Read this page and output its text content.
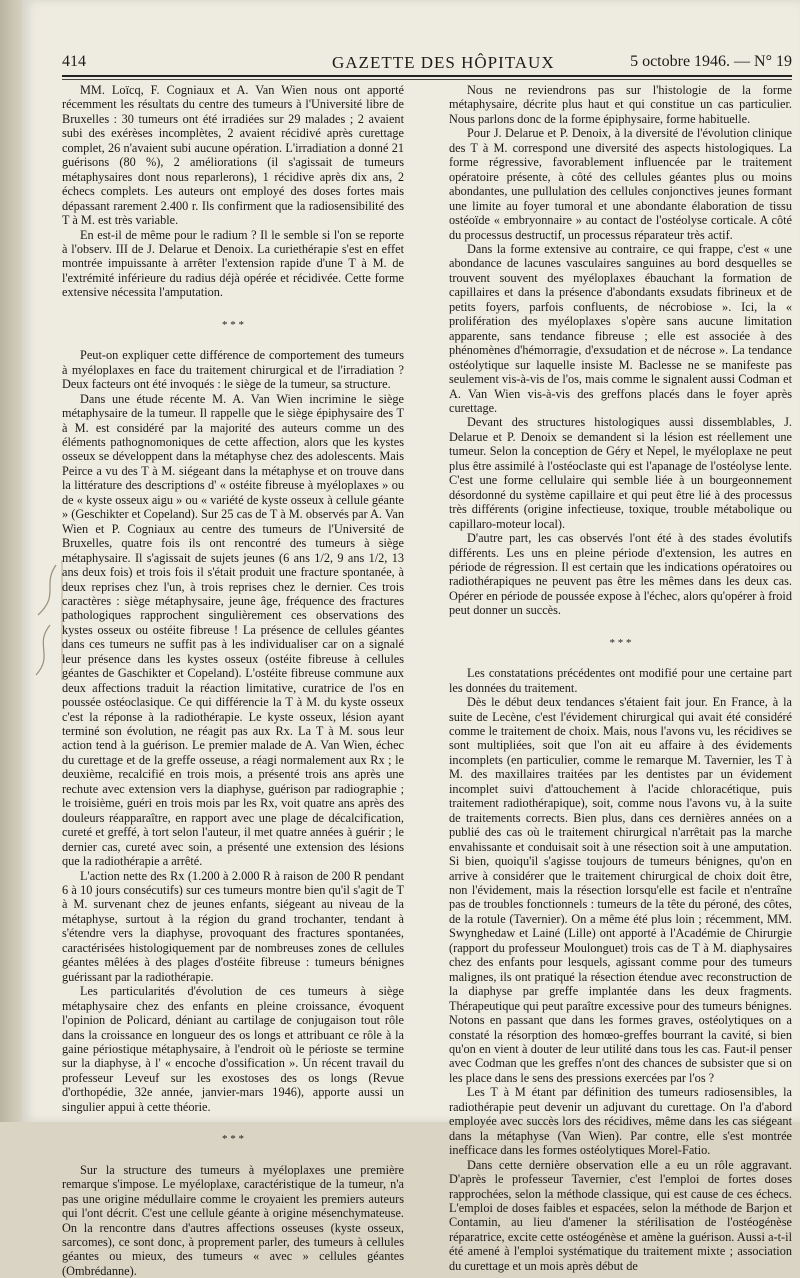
414	GAZETTE DES HÔPITAUX	5 octobre 1946. — N° 19

MM. Loïcq, F. Cogniaux et A. Van Wien nous ont apporté récemment les résultats du centre des tumeurs à l'Université libre de Bruxelles : 30 tumeurs ont été irradiées sur 29 malades ; 2 avaient subi des exérèses incomplètes, 2 avaient récidivé après curettage complet, 26 n'avaient subi aucune opération. L'irradiation a donné 21 guérisons (80 %), 2 améliorations (il s'agissait de tumeurs métaphysaires dont nous reparlerons), 1 récidive après dix ans, 2 échecs complets. Les auteurs ont employé des doses fortes mais dépassant rarement 2.400 r. Ils confirment que la radiosensibilité des T à M. est très variable.

En est-il de même pour le radium ? Il le semble si l'on se reporte à l'observ. III de J. Delarue et Denoix. La curiethérapie s'est en effet montrée impuissante à arrêter l'extension rapide d'une T à M. de l'extrémité inférieure du radius déjà opérée et récidivée. Cette forme extensive nécessita l'amputation.

* * *

Peut-on expliquer cette différence de comportement des tumeurs à myéloplaxes en face du traitement chirurgical et de l'irradiation ? Deux facteurs ont été invoqués : le siège de la tumeur, sa structure.

Dans une étude récente M. A. Van Wien incrimine le siège métaphysaire de la tumeur. Il rappelle que le siège épiphysaire des T à M. est considéré par la majorité des auteurs comme un des éléments pathognomoniques de cette affection, alors que les kystes osseux se développent dans la métaphyse chez des adolescents. Mais Peirce a vu des T à M. siégeant dans la métaphyse et on trouve dans la littérature des descriptions d' « ostéite fibreuse à myéloplaxes » ou de « kyste osseux aigu » ou « variété de kyste osseux à cellule géante » (Geschikter et Copeland). Sur 25 cas de T à M. observés par A. Van Wien et P. Cogniaux au centre des tumeurs de l'Université de Bruxelles, quatre fois ils ont rencontré des tumeurs à siège métaphysaire. Il s'agissait de sujets jeunes (6 ans 1/2, 9 ans 1/2, 13 ans deux fois) et trois fois il s'était produit une fracture spontanée, à deux reprises chez l'un, à trois reprises chez le dernier. Ces trois caractères : siège métaphysaire, jeune âge, fréquence des fractures pathologiques rapprochent singulièrement ces observations des kystes osseux ou ostéite fibreuse ! La présence de cellules géantes dans ces tumeurs ne suffit pas à les individualiser car on a signalé leur présence dans les kystes osseux (ostéite fibreuse à cellules géantes de Gaschikter et Copeland). L'ostéite fibreuse commune aux deux affections traduit la réaction limitative, curatrice de l'os en poussée ostéoclasique. Ce qui différencie la T à M. du kyste osseux c'est la réponse à la radiothérapie. Le kyste osseux, lésion ayant terminé son évolution, ne réagit pas aux Rx. La T à M. sous leur action tend à la guérison. Le premier malade de A. Van Wien, échec du curettage et de la greffe osseuse, a réagi normalement aux Rx ; le deuxième, recalcifié en trois mois, a présenté trois ans après une rechute avec extension vers la diaphyse, guérison par radiographie ; le troisième, guéri en trois mois par les Rx, voit quatre ans après des douleurs réapparaître, en rapport avec une plage de décalcification, cureté et greffé, à tort selon l'auteur, il met quatre années à guérir ; le dernier cas, cureté avec soin, a présenté une extension des lésions que la radiothérapie a arrêté.

L'action nette des Rx (1.200 à 2.000 R à raison de 200 R pendant 6 à 10 jours consécutifs) sur ces tumeurs montre bien qu'il s'agit de T à M. survenant chez de jeunes enfants, siégeant au niveau de la métaphyse, surtout à la région du grand trochanter, tendant à s'étendre vers la diaphyse, provoquant des fractures spontanées, caractérisées histologiquement par de nombreuses zones de cellules géantes mêlées à des plages d'ostéite fibreuse : tumeurs bénignes guérissant par la radiothérapie.

Les particularités d'évolution de ces tumeurs à siège métaphysaire chez des enfants en pleine croissance, évoquent l'opinion de Policard, déniant au cartilage de conjugaison tout rôle dans la croissance en longueur des os longs et attribuant ce rôle à la gaine périostique métaphysaire, à l'endroit où le périoste se termine sur la diaphyse, à l' « encoche d'ossification ». Un récent travail du professeur Leveuf sur les exostoses des os longs (Revue d'orthopédie, 32e année, janvier-mars 1946), apporte aussi un singulier appui à cette théorie.

* * *

Sur la structure des tumeurs à myéloplaxes une première remarque s'impose. Le myéloplaxe, caractéristique de la tumeur, n'a pas une origine médullaire comme le croyaient les premiers auteurs qui l'ont décrit. C'est une cellule géante à origine mésenchymateuse. On la rencontre dans d'autres affections osseuses (kyste osseux, sarcomes), ce sont donc, à proprement parler, des tumeurs à cellules géantes ou mieux, des tumeurs « avec » cellules géantes (Ombrédanne).

Nous ne reviendrons pas sur l'histologie de la forme métaphysaire, décrite plus haut et qui constitue un cas particulier. Nous parlons donc de la forme épiphysaire, forme habituelle.

Pour J. Delarue et P. Denoix, à la diversité de l'évolution clinique des T à M. correspond une diversité des aspects histologiques. La forme régressive, favorablement influencée par le traitement opératoire présente, à côté des cellules géantes plus ou moins abondantes, une pullulation des cellules conjonctives jeunes formant une limite au foyer tumoral et une abondante élaboration de tissu ostéoïde « embryonnaire » au contact de l'ostéolyse corticale. A côté du processus destructif, un processus réparateur très actif.

Dans la forme extensive au contraire, ce qui frappe, c'est « une abondance de lacunes vasculaires sanguines au bord desquelles se trouvent souvent des myéloplaxes ébauchant la formation de capillaires et dans la présence d'abondants exsudats fibrineux et de petits foyers, parfois confluents, de nécrobiose ». Ici, la « prolifération des myéloplaxes s'opère sans aucune limitation apparente, sans tendance fibreuse ; elle est associée à des phénomènes d'hémorragie, d'exsudation et de nécrose ». La tendance ostéolytique sur laquelle insiste M. Baclesse ne se manifeste pas seulement vis-à-vis de l'os, mais comme le signalent aussi Codman et A. Van Wien vis-à-vis des greffons placés dans le foyer après curettage.

Devant des structures histologiques aussi dissemblables, J. Delarue et P. Denoix se demandent si la lésion est réellement une tumeur. Selon la conception de Géry et Nepel, le myéloplaxe ne peut plus être assimilé à l'ostéoclaste qui est l'apanage de l'ostéolyse lente. C'est une forme cellulaire qui semble liée à un bourgeonnement désordonné du système capillaire et qui peut être lié à des processus très différents (origine infectieuse, toxique, trouble métabolique ou capillaro-moteur local).

D'autre part, les cas observés l'ont été à des stades évolutifs différents. Les uns en pleine période d'extension, les autres en période de régression. Il est certain que les indications opératoires ou radiothérapiques ne peuvent pas être les mêmes dans les deux cas. Opérer en période de poussée expose à l'échec, alors qu'opérer à froid peut donner un succès.

* * *

Les constatations précédentes ont modifié pour une certaine part les données du traitement.

Dès le début deux tendances s'étaient fait jour. En France, à la suite de Lecène, c'est l'évidement chirurgical qui avait été considéré comme le traitement de choix. Mais, nous l'avons vu, les récidives se sont multipliées, soit que l'on ait eu affaire à des évidements incomplets (en particulier, comme le remarque M. Tavernier, les T à M. des maxillaires traitées par les dentistes par un évidement incomplet suivi d'attouchement à l'acide chloracétique, puis traitement radiothérapique), soit, comme nous l'avons vu, à la suite de traitements corrects. Bien plus, dans ces dernières années on a publié des cas où le traitement chirurgical n'arrêtait pas la marche envahissante et conduisait soit à une résection soit à une amputation. Si bien, quoiqu'il s'agisse toujours de tumeurs bénignes, qu'on en arrive à considérer que le traitement chirurgical de choix doit être, non l'évidement, mais la résection lorsqu'elle est facile et n'entraîne pas de troubles fonctionnels : tumeurs de la tête du péroné, des côtes, de la rotule (Tavernier). On a même été plus loin ; récemment, MM. Swynghedaw et Lainé (Lille) ont apporté à l'Académie de Chirurgie (rapport du professeur Moulonguet) trois cas de T à M. diaphysaires chez des enfants pour lesquels, agissant comme pour des tumeurs malignes, ils ont pratiqué la résection étendue avec reconstruction de la diaphyse par greffe implantée dans les deux fragments. Thérapeutique qui peut paraître excessive pour des tumeurs bénignes. Notons en passant que dans les formes graves, ostéolytiques on a constaté la résorption des homœo-greffes bourrant la cavité, si bien qu'on en vient à douter de leur utilité dans tous les cas. Faut-il penser avec Codman que les greffes n'ont des chances de subsister que si on les place dans le sens des pressions exercées par l'os ?

Les T à M étant par définition des tumeurs radiosensibles, la radiothérapie peut devenir un adjuvant du curettage. On l'a d'abord employée avec succès lors des récidives, même dans les cas siégeant dans la métaphyse (Van Wien). Par contre, elle s'est montrée inefficace dans les formes ostéolytiques Morel-Fatio.

Dans cette dernière observation elle a eu un rôle aggravant. D'après le professeur Tavernier, c'est l'emploi de fortes doses rapprochées, selon la méthode classique, qui est cause de ces échecs. L'emploi de doses faibles et espacées, selon la méthode de Barjon et Contamin, au lieu d'amener la stérilisation de l'ostéogénèse réparatrice, excite cette ostéogénèse et amène la guérison. Aussi a-t-il été amené à l'emploi systématique du traitement mixte ; association du curettage et un mois après début de
